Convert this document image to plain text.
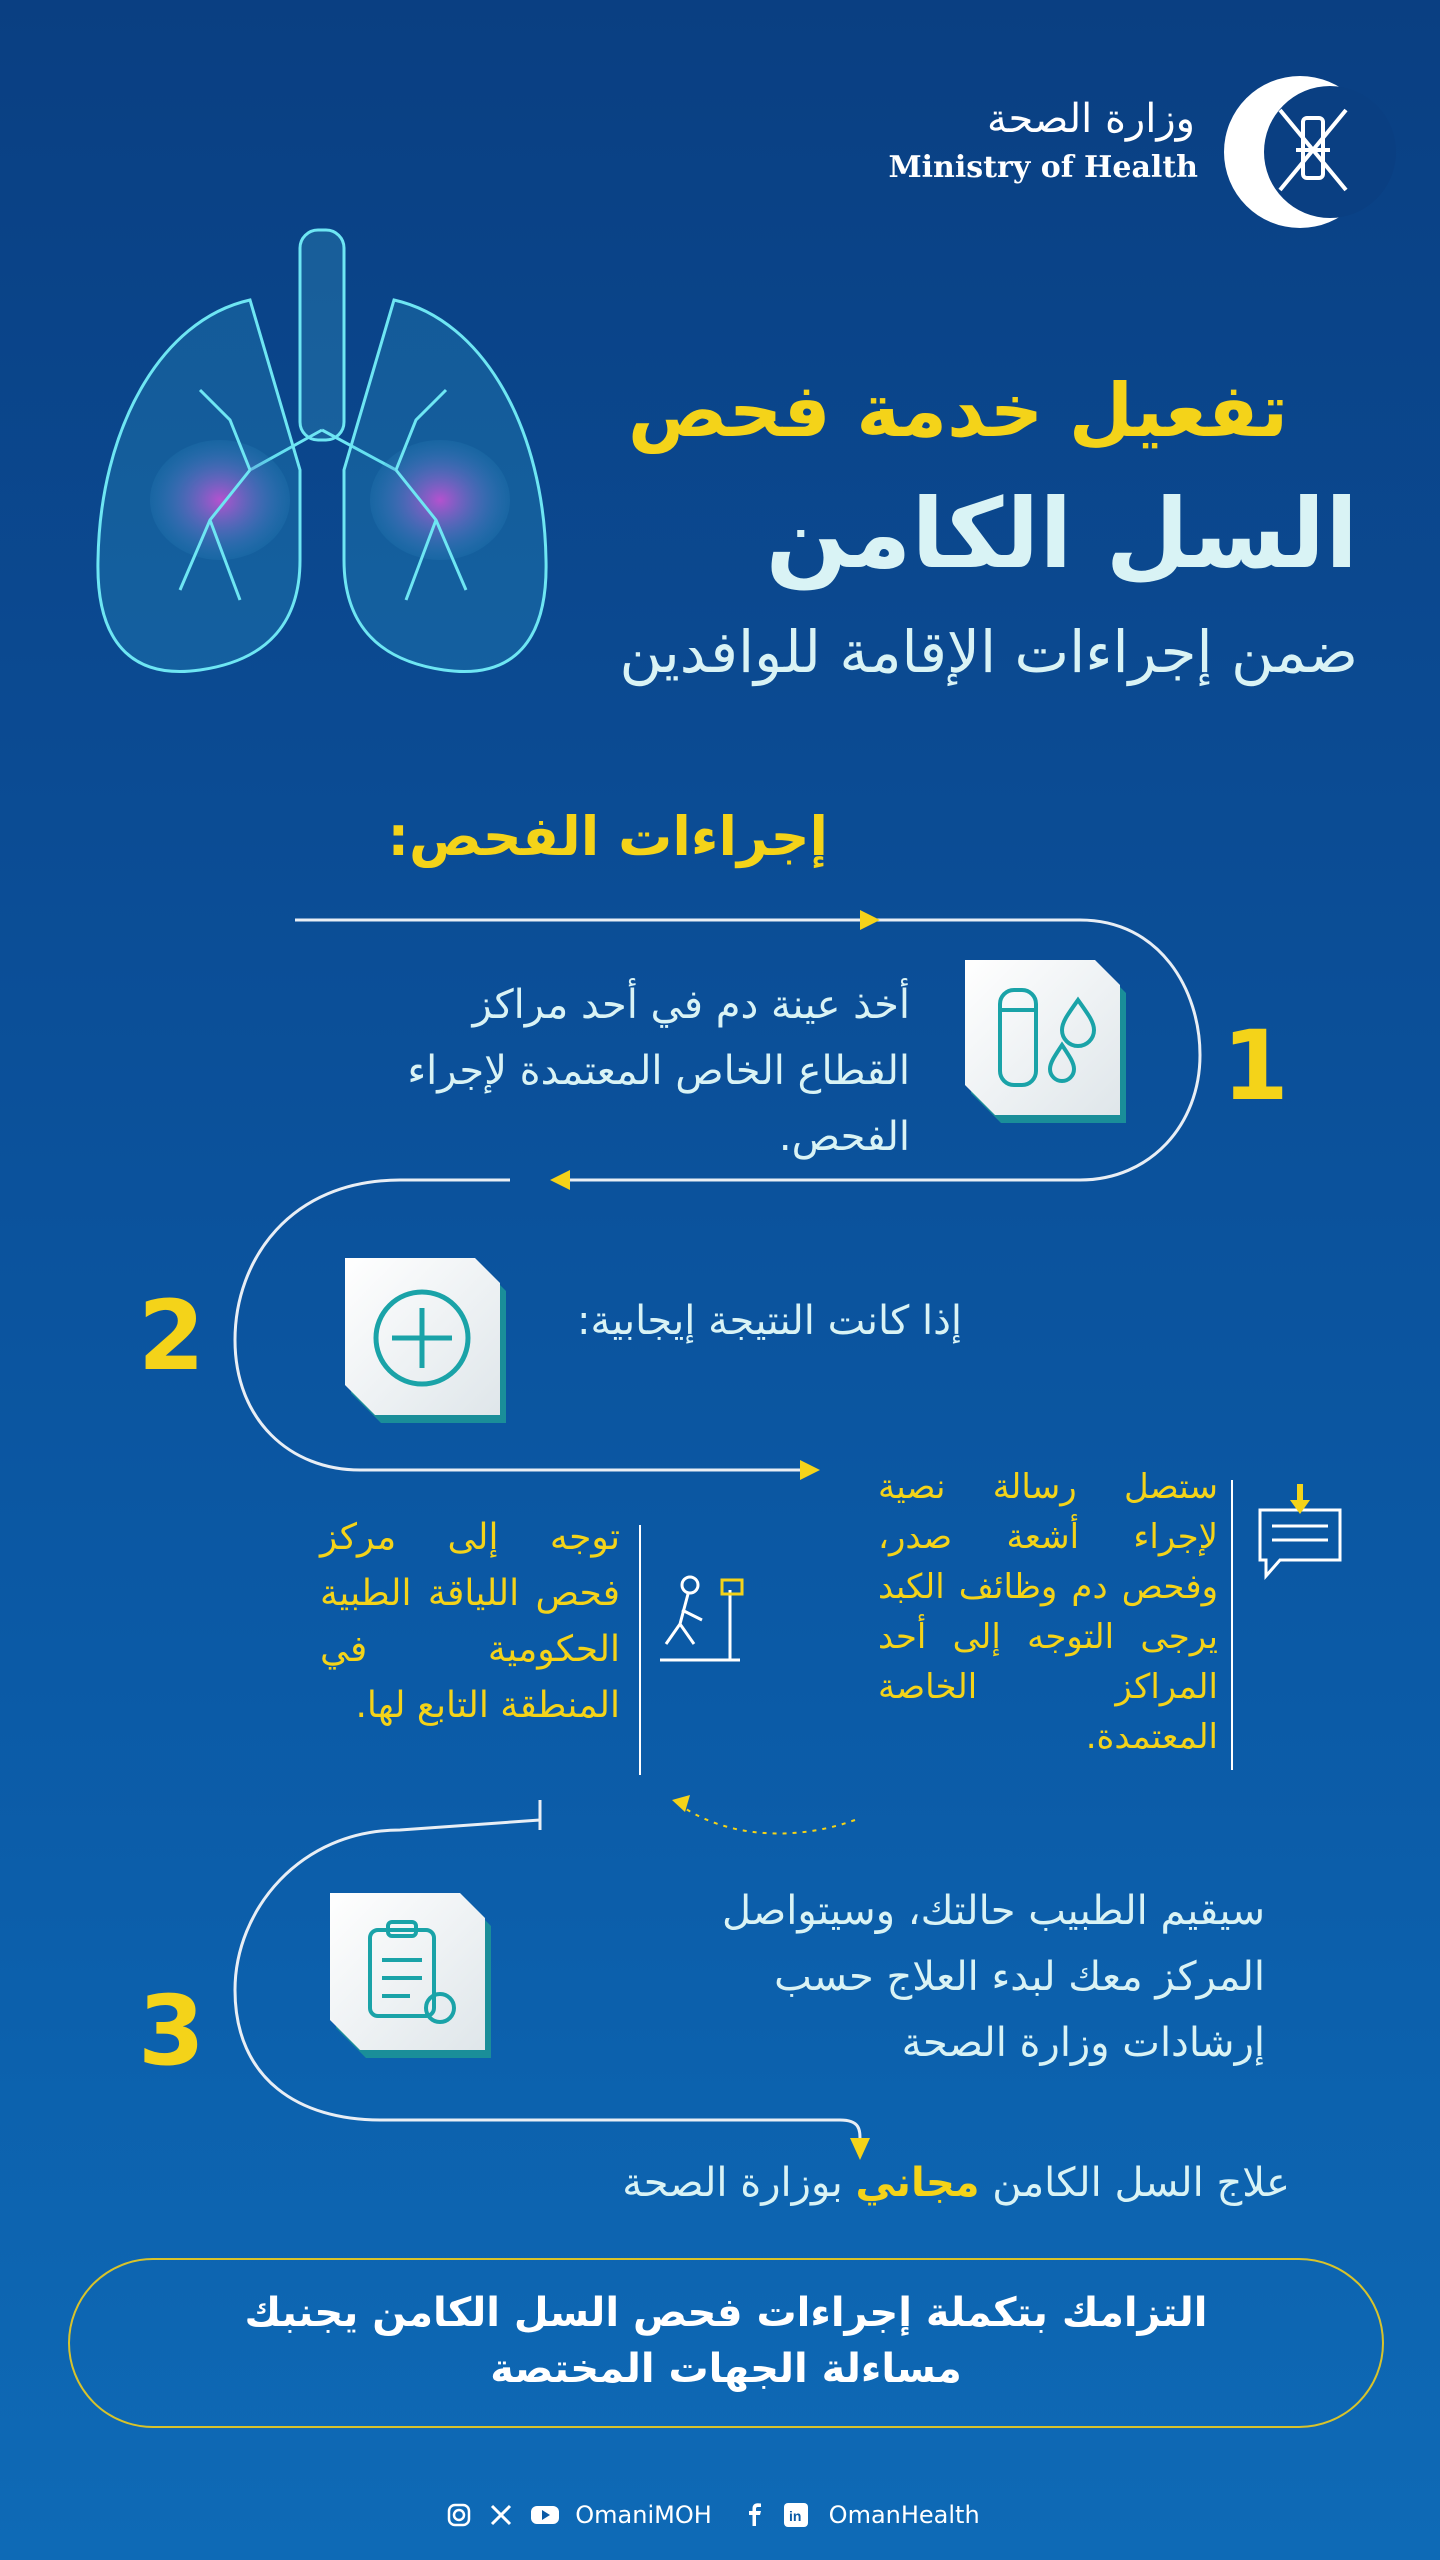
وزارة الصحة
Ministry of Health
تفعيل خدمة فحص
السل الكامن
ضمن إجراءات الإقامة للوافدين
إجراءات الفحص:
1
أخذ عينة دم في أحد مراكز القطاع الخاص المعتمدة لإجراء الفحص.
2	إذا كانت النتيجة إيجابية:
ستصل رسالة نصية لإجراء أشعة صدر، وفحص دم وظائف الكبد يرجى التوجه إلى أحد المراكز الخاصة المعتمدة.
توجه إلى مركز فحص اللياقة الطبية الحكومية في المنطقة التابع لها.
3
سيقيم الطبيب حالتك، وسيتواصل المركز معك لبدء العلاج حسب إرشادات وزارة الصحة
علاج السل الكامن مجاني بوزارة الصحة
التزامك بتكملة إجراءات فحص السل الكامن يجنبك
مساءلة الجهات المختصة
OmaniMOH	in OmanHealth
